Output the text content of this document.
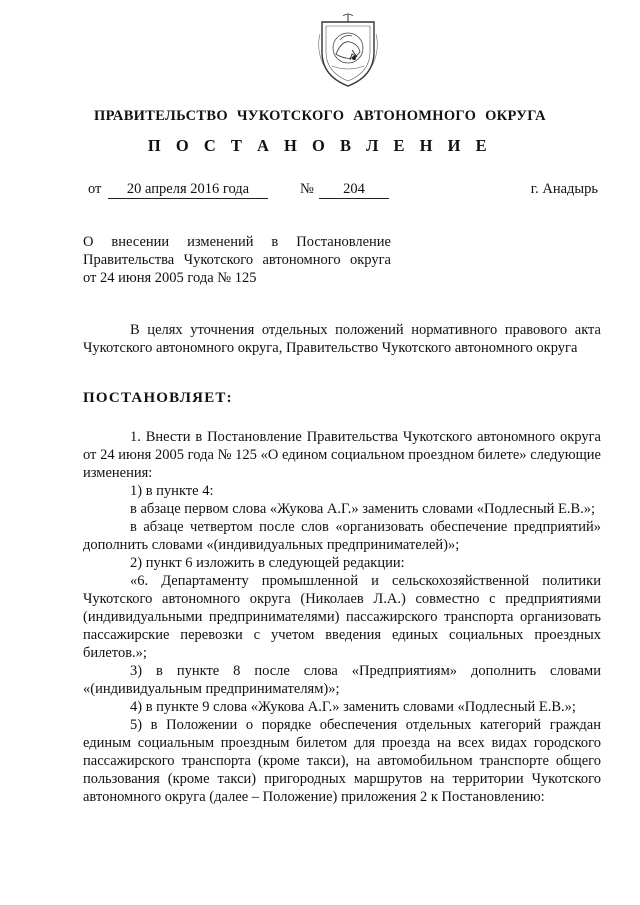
ПРАВИТЕЛЬСТВО ЧУКОТСКОГО АВТОНОМНОГО ОКРУГА
П О С Т А Н О В Л Е Н И Е
от	20 апреля 2016 года	№	204	г. Анадырь
О внесении изменений в Постановление
Правительства Чукотского автономного округа
от 24 июня 2005 года № 125

В целях уточнения отдельных положений нормативного правового акта Чукотского автономного округа, Правительство Чукотского автономного округа

ПОСТАНОВЛЯЕТ:

1. Внести в Постановление Правительства Чукотского автономного округа от 24 июня 2005 года № 125 «О едином социальном проездном билете» следующие изменения:

1) в пункте 4:

в абзаце первом слова «Жукова А.Г.» заменить словами «Подлесный Е.В.»;

в абзаце четвертом после слов «организовать обеспечение предприятий» дополнить словами «(индивидуальных предпринимателей)»;

2) пункт 6 изложить в следующей редакции:

«6. Департаменту промышленной и сельскохозяйственной политики Чукотского автономного округа (Николаев Л.А.) совместно с предприятиями (индивидуальными предпринимателями) пассажирского транспорта организовать пассажирские перевозки с учетом введения единых социальных проездных билетов.»;

3) в пункте 8 после слова «Предприятиям» дополнить словами «(индивидуальным предпринимателям)»;

4) в пункте 9 слова «Жукова А.Г.» заменить словами «Подлесный Е.В.»;

5) в Положении о порядке обеспечения отдельных категорий граждан единым социальным проездным билетом для проезда на всех видах городского пассажирского транспорта (кроме такси), на автомобильном транспорте общего пользования (кроме такси) пригородных маршрутов на территории Чукотского автономного округа (далее – Положение) приложения 2 к Постановлению:
